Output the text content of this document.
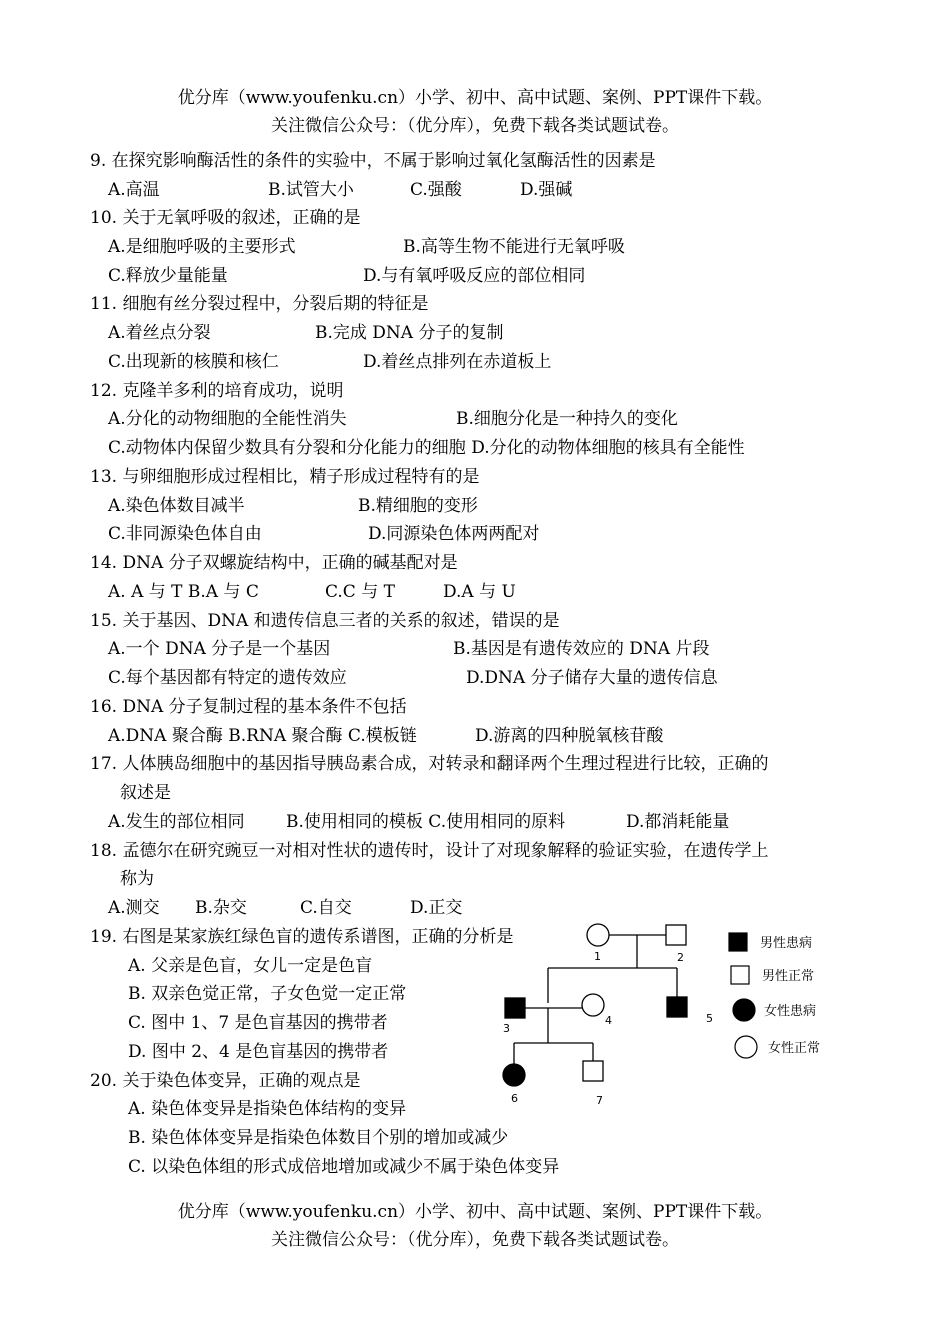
优分库（www.youfenku.cn）小学、初中、高中试题、案例、PPT课件下载。
关注微信公众号：（优分库），免费下载各类试题试卷。
9. 在探究影响酶活性的条件的实验中，不属于影响过氧化氢酶活性的因素是
A.高温	B.试管大小	C.强酸	D.强碱
10. 关于无氧呼吸的叙述，正确的是
A.是细胞呼吸的主要形式	B.高等生物不能进行无氧呼吸
C.释放少量能量	D.与有氧呼吸反应的部位相同
11. 细胞有丝分裂过程中，分裂后期的特征是
A.着丝点分裂	B.完成 DNA 分子的复制
C.出现新的核膜和核仁	D.着丝点排列在赤道板上
12. 克隆羊多利的培育成功，说明
A.分化的动物细胞的全能性消失	B.细胞分化是一种持久的变化
C.动物体内保留少数具有分裂和分化能力的细胞 D.分化的动物体细胞的核具有全能性
13. 与卵细胞形成过程相比，精子形成过程特有的是
A.染色体数目减半	B.精细胞的变形
C.非同源染色体自由	D.同源染色体两两配对
14. DNA 分子双螺旋结构中，正确的碱基配对是
A. A 与 T B.A 与 C	C.C 与 T	D.A 与 U
15. 关于基因、DNA 和遗传信息三者的关系的叙述，错误的是
A.一个 DNA 分子是一个基因	B.基因是有遗传效应的 DNA 片段
C.每个基因都有特定的遗传效应	D.DNA 分子储存大量的遗传信息
16. DNA 分子复制过程的基本条件不包括
A.DNA 聚合酶 B.RNA 聚合酶 C.模板链	D.游离的四种脱氧核苷酸
17. 人体胰岛细胞中的基因指导胰岛素合成，对转录和翻译两个生理过程进行比较，正确的
叙述是
A.发生的部位相同 B.使用相同的模板 C.使用相同的原料	D.都消耗能量
18. 孟德尔在研究豌豆一对相对性状的遗传时，设计了对现象解释的验证实验，在遗传学上
称为
A.测交 B.杂交	C.自交	D.正交
19. 右图是某家族红绿色盲的遗传系谱图，正确的分析是
A. 父亲是色盲，女儿一定是色盲
B. 双亲色觉正常，子女色觉一定正常
C. 图中 1、7 是色盲基因的携带者
D. 图中 2、4 是色盲基因的携带者
20. 关于染色体变异，正确的观点是
A. 染色体变异是指染色体结构的变异
B. 染色体体变异是指染色体数目个别的增加或减少
C. 以染色体组的形式成倍地增加或减少不属于染色体变异
1	2
3
4	5
6	7
男性患病
男性正常
女性患病
女性正常
优分库（www.youfenku.cn）小学、初中、高中试题、案例、PPT课件下载。
关注微信公众号：（优分库），免费下载各类试题试卷。
